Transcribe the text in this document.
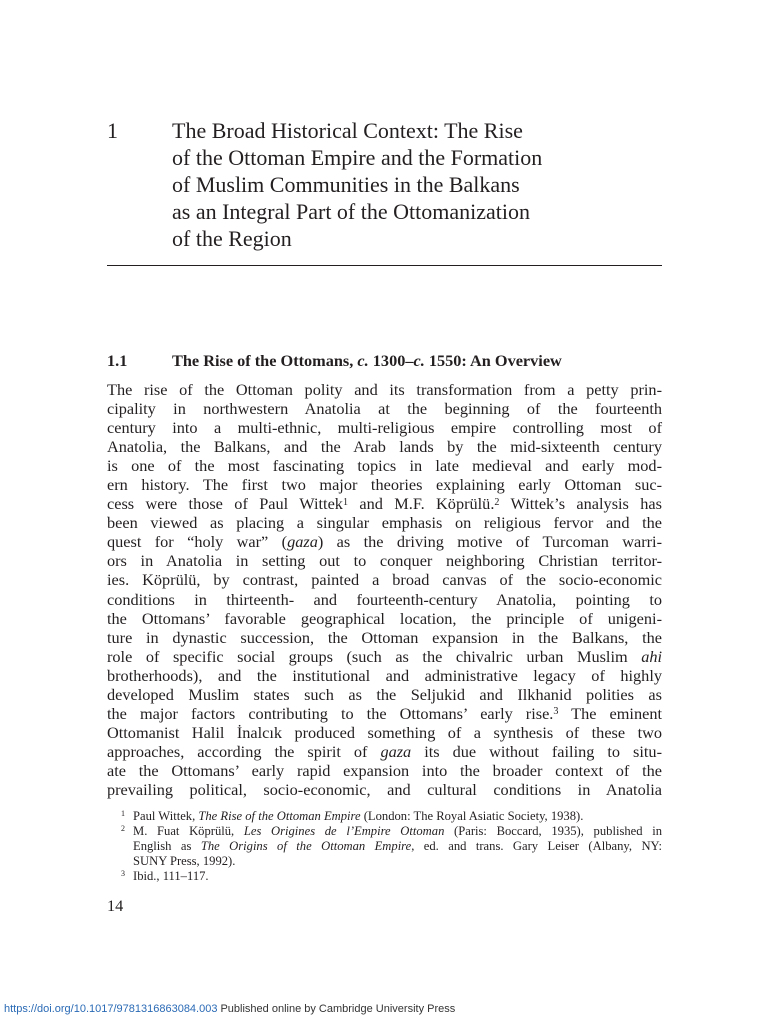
1 The Broad Historical Context: The Rise
of the Ottoman Empire and the Formation
of Muslim Communities in the Balkans
as an Integral Part of the Ottomanization
of the Region
1.1	The Rise of the Ottomans, c. 1300–c. 1550: An Overview
The rise of the Ottoman polity and its transformation from a petty prin-
cipality in northwestern Anatolia at the beginning of the fourteenth
century into a multi-ethnic, multi-religious empire controlling most of
Anatolia, the Balkans, and the Arab lands by the mid-sixteenth century
is one of the most fascinating topics in late medieval and early mod-
ern history. The first two major theories explaining early Ottoman suc-
cess were those of Paul Wittek$^1$ and M.F. Köprülü.$^2$ Wittek’s analysis has
been viewed as placing a singular emphasis on religious fervor and the
quest for “holy war” (gaza) as the driving motive of Turcoman warri-
ors in Anatolia in setting out to conquer neighboring Christian territor-
ies. Köprülü, by contrast, painted a broad canvas of the socio-economic
conditions in thirteenth- and fourteenth-century Anatolia, pointing to
the Ottomans’ favorable geographical location, the principle of unigeni-
ture in dynastic succession, the Ottoman expansion in the Balkans, the
role of specific social groups (such as the chivalric urban Muslim ahi
brotherhoods), and the institutional and administrative legacy of highly
developed Muslim states such as the Seljukid and Ilkhanid polities as
the major factors contributing to the Ottomans’ early rise.$^3$ The eminent
Ottomanist Halil İnalcık produced something of a synthesis of these two
approaches, according the spirit of gaza its due without failing to situ-
ate the Ottomans’ early rapid expansion into the broader context of the
prevailing political, socio-economic, and cultural conditions in Anatolia
1 Paul Wittek, The Rise of the Ottoman Empire (London: The Royal Asiatic Society, 1938).
2 M. Fuat Köprülü, Les Origines de l’Empire Ottoman (Paris: Boccard, 1935), published in
English as The Origins of the Ottoman Empire, ed. and trans. Gary Leiser (Albany, NY:
SUNY Press, 1992).
3 Ibid., 111–117.
14
https://doi.org/10.1017/9781316863084.003 Published online by Cambridge University Press
